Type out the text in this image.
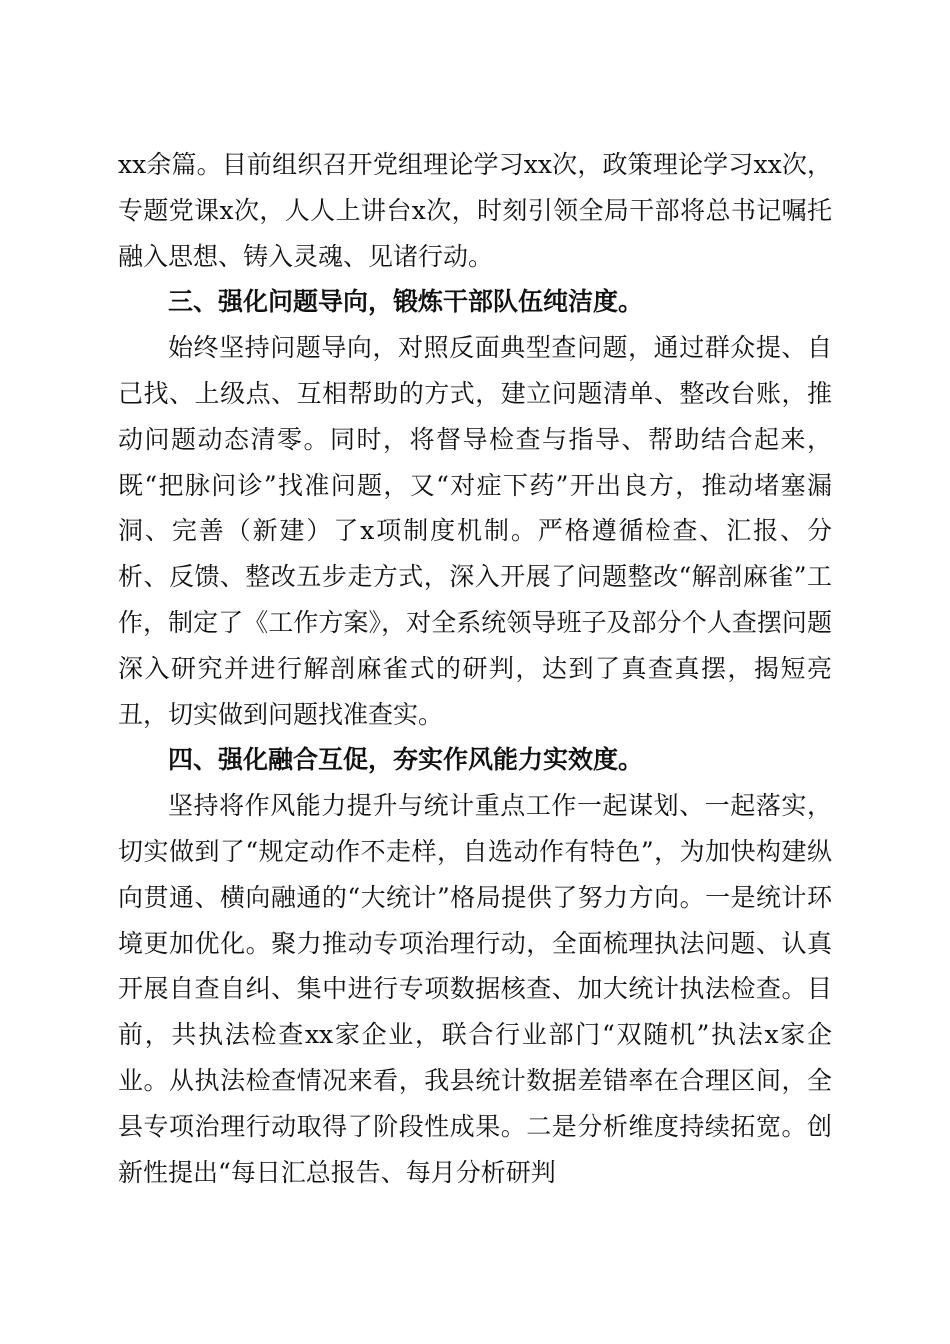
xx余篇。目前组织召开党组理论学习xx次，政策理论学习xx次，专题党课x次，人人上讲台x次，时刻引领全局干部将总书记嘱托融入思想、铸入灵魂、见诸行动。

三、强化问题导向，锻炼干部队伍纯洁度。

始终坚持问题导向，对照反面典型查问题，通过群众提、自己找、上级点、互相帮助的方式，建立问题清单、整改台账，推动问题动态清零。同时，将督导检查与指导、帮助结合起来，既“把脉问诊”找准问题，又“对症下药”开出良方，推动堵塞漏洞、完善（新建）了x项制度机制。严格遵循检查、汇报、分析、反馈、整改五步走方式，深入开展了问题整改“解剖麻雀”工作，制定了《工作方案》，对全系统领导班子及部分个人查摆问题深入研究并进行解剖麻雀式的研判，达到了真查真摆，揭短亮丑，切实做到问题找准查实。

四、强化融合互促，夯实作风能力实效度。

坚持将作风能力提升与统计重点工作一起谋划、一起落实，切实做到了“规定动作不走样，自选动作有特色”，为加快构建纵向贯通、横向融通的“大统计”格局提供了努力方向。一是统计环境更加优化。聚力推动专项治理行动，全面梳理执法问题、认真开展自查自纠、集中进行专项数据核查、加大统计执法检查。目前，共执法检查xx家企业，联合行业部门“双随机”执法x家企业。从执法检查情况来看，我县统计数据差错率在合理区间，全县专项治理行动取得了阶段性成果。二是分析维度持续拓宽。创新性提出“每日汇总报告、每月分析研判
